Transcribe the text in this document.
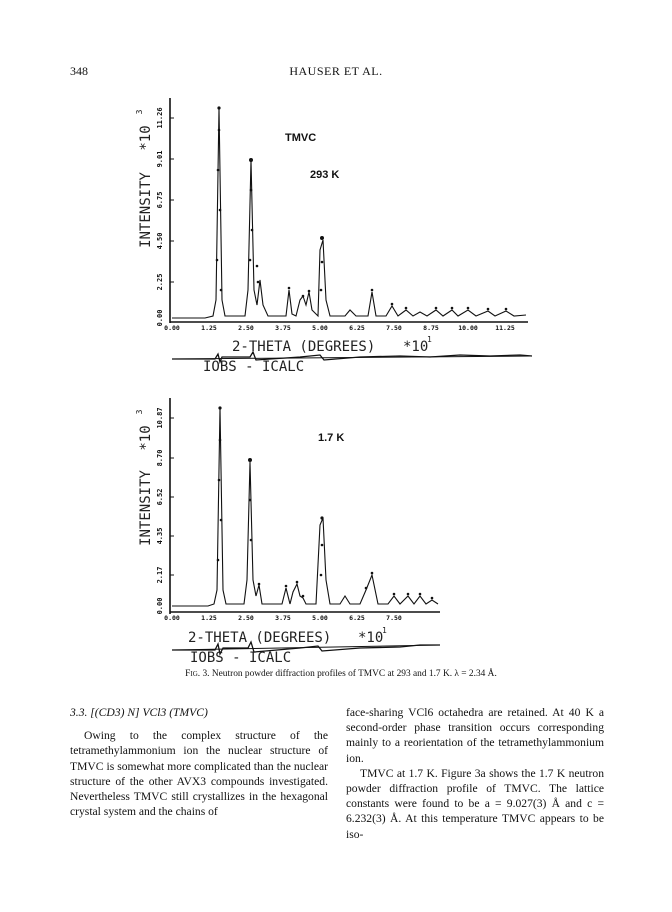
348	HAUSER ET AL.
0.00
2.25
4.50
6.75
9.01
11.26
INTENSITY
*10
3
0.00	1.25	2.50	3.75	5.00	6.25	7.50	8.75	10.00	11.25
TMVC
293 K
2-THETA (DEGREES) *10
1
IOBS - ICALC
0.00
2.17
4.35
6.52
8.70
10.87
INTENSITY
*10
3
0.00	1.25	2.50	3.75	5.00	6.25	7.50
1.7 K
2-THETA (DEGREES) *10
1
IOBS - ICALC
Fig. 3. Neutron powder diffraction profiles of TMVC at 293 and 1.7 K. λ = 2.34 Å.

3.3. [(CD3) N] VCl3 (TMVC)

Owing to the complex structure of the tetramethylammonium ion the nuclear structure of TMVC is somewhat more complicated than the nuclear structure of the other AVX3 compounds investigated. Nevertheless TMVC still crystallizes in the hexagonal crystal system and the chains of

face-sharing VCl6 octahedra are retained. At 40 K a second-order phase transition occurs corresponding mainly to a reorientation of the tetramethylammonium ion.

TMVC at 1.7 K. Figure 3a shows the 1.7 K neutron powder diffraction profile of TMVC. The lattice constants were found to be a = 9.027(3) Å and c = 6.232(3) Å. At this temperature TMVC appears to be iso-
